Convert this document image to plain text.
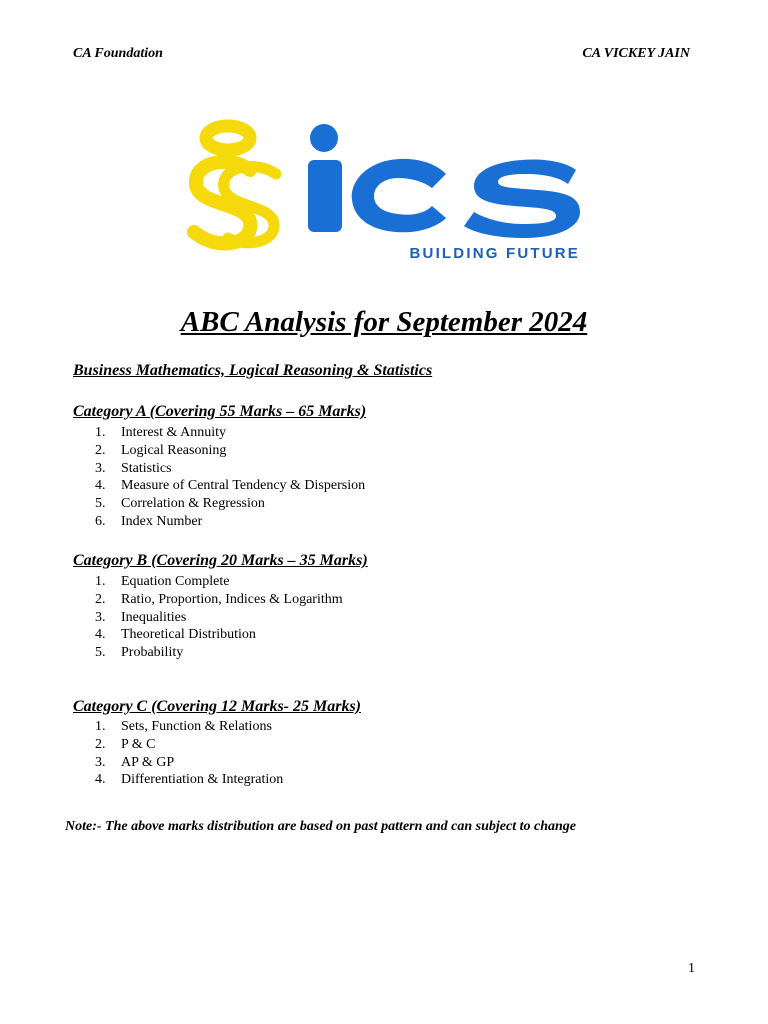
CA Foundation	CA VICKEY JAIN
BUILDING FUTURE
ABC Analysis for September 2024
Business Mathematics, Logical Reasoning & Statistics
Category A (Covering 55 Marks – 65 Marks)
1. Interest & Annuity
2. Logical Reasoning
3. Statistics
4. Measure of Central Tendency & Dispersion
5. Correlation & Regression
6. Index Number
Category B (Covering 20 Marks – 35 Marks)
1. Equation Complete
2. Ratio, Proportion, Indices & Logarithm
3. Inequalities
4. Theoretical Distribution
5. Probability
Category C (Covering 12 Marks- 25 Marks)
1. Sets, Function & Relations
2. P & C
3. AP & GP
4. Differentiation & Integration
Note:- The above marks distribution are based on past pattern and can subject to change
1
